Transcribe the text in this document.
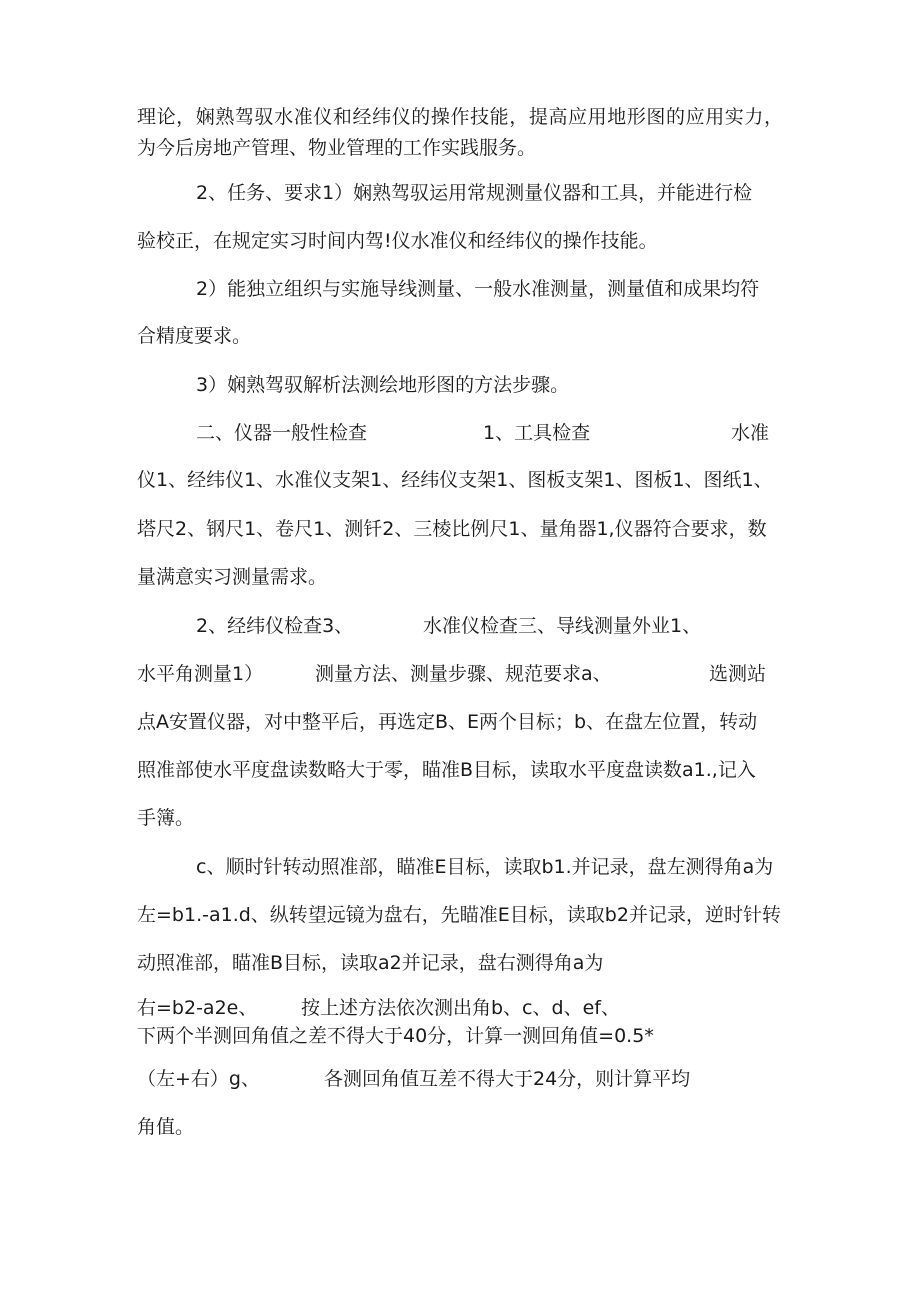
理论，娴熟驾驭水准仪和经纬仪的操作技能，提高应用地形图的应用实力，

为今后房地产管理、物业管理的工作实践服务。

2、任务、要求1）娴熟驾驭运用常规测量仪器和工具，并能进行检

验校正，在规定实习时间内驾!仪水准仪和经纬仪的操作技能。

2）能独立组织与实施导线测量、一般水准测量，测量值和成果均符

合精度要求。

3）娴熟驾驭解析法测绘地形图的方法步骤。

二、仪器一般性检查	1、工具检查	水准

仪1、经纬仪1、水准仪支架1、经纬仪支架1、图板支架1、图板1、图纸1、

塔尺2、钢尺1、卷尺1、测钎2、三棱比例尺1、量角器1,仪器符合要求，数

量满意实习测量需求。

2、经纬仪检查3、	水准仪检查三、导线测量外业1、

水平角测量1）	测量方法、测量步骤、规范要求a、	选测站

点A安置仪器，对中整平后，再选定B、E两个目标；b、在盘左位置，转动

照准部使水平度盘读数略大于零，瞄准B目标，读取水平度盘读数a1.,记入

手簿。

c、顺时针转动照准部，瞄准E目标，读取b1.并记录，盘左测得角a为

左=b1.-a1.d、纵转望远镜为盘右，先瞄准E目标，读取b2并记录，逆时针转

动照准部，瞄准B目标，读取a2并记录，盘右测得角a为

右=b2-a2e、 按上述方法依次测出角b、c、d、ef、

下两个半测回角值之差不得大于40分，计算一测回角值=0.5*

（左+右）g、	各测回角值互差不得大于24分，则计算平均

角值。
